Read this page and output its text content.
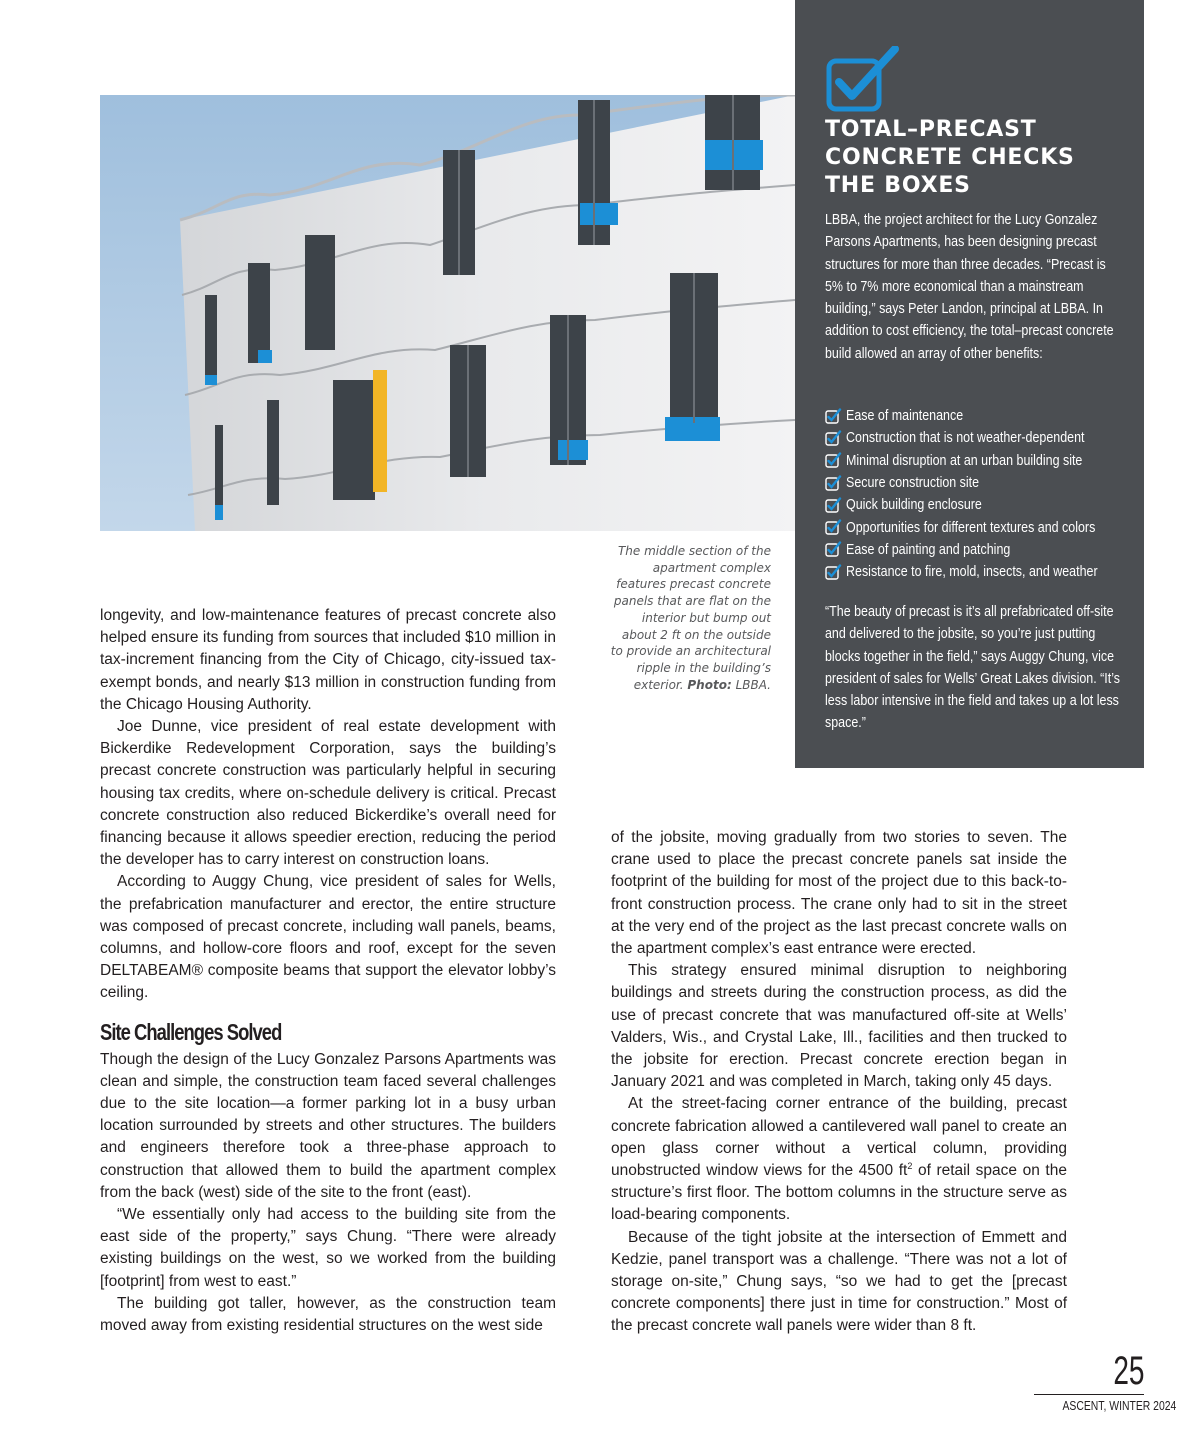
TOTAL–PRECAST CONCRETE CHECKS THE BOXES

LBBA, the project architect for the Lucy Gonzalez Parsons Apartments, has been designing precast structures for more than three decades. “Precast is 5% to 7% more economical than a mainstream building,” says Peter Landon, principal at LBBA. In addition to cost efficiency, the total–precast concrete build allowed an array of other benefits:

Ease of maintenance
Construction that is not weather-dependent
Minimal disruption at an urban building site
Secure construction site
Quick building enclosure
Opportunities for different textures and colors
Ease of painting and patching
Resistance to fire, mold, insects, and weather

“The beauty of precast is it’s all prefabricated off-site and delivered to the jobsite, so you’re just putting blocks together in the field,” says Auggy Chung, vice president of sales for Wells’ Great Lakes division. “It’s less labor intensive in the field and takes up a lot less space.”

The middle section of the apartment complex features precast concrete panels that are flat on the interior but bump out about 2 ft on the outside to provide an architectural ripple in the building’s exterior. Photo: LBBA.

longevity, and low-maintenance features of precast concrete also helped ensure its funding from sources that included $10 million in tax-increment financing from the City of Chicago, city-issued tax-exempt bonds, and nearly $13 million in construction funding from the Chicago Housing Authority.

Joe Dunne, vice president of real estate development with Bickerdike Redevelopment Corporation, says the building’s precast concrete construction was particularly helpful in securing housing tax credits, where on-schedule delivery is critical. Precast concrete construction also reduced Bickerdike’s overall need for financing because it allows speedier erection, reducing the period the developer has to carry interest on construction loans.

According to Auggy Chung, vice president of sales for Wells, the prefabrication manufacturer and erector, the entire structure was composed of precast concrete, including wall panels, beams, columns, and hollow-core floors and roof, except for the seven DELTABEAM® composite beams that support the elevator lobby’s ceiling.

Site Challenges Solved

Though the design of the Lucy Gonzalez Parsons Apartments was clean and simple, the construction team faced several challenges due to the site location—a former parking lot in a busy urban location surrounded by streets and other structures. The builders and engineers therefore took a three-phase approach to construction that allowed them to build the apartment complex from the back (west) side of the site to the front (east).

“We essentially only had access to the building site from the east side of the property,” says Chung. “There were already existing buildings on the west, so we worked from the building [footprint] from west to east.”

The building got taller, however, as the construction team moved away from existing residential structures on the west side

of the jobsite, moving gradually from two stories to seven. The crane used to place the precast concrete panels sat inside the footprint of the building for most of the project due to this back-to-front construction process. The crane only had to sit in the street at the very end of the project as the last precast concrete walls on the apartment complex’s east entrance were erected.

This strategy ensured minimal disruption to neighboring buildings and streets during the construction process, as did the use of precast concrete that was manufactured off-site at Wells’ Valders, Wis., and Crystal Lake, Ill., facilities and then trucked to the jobsite for erection. Precast concrete erection began in January 2021 and was completed in March, taking only 45 days.

At the street-facing corner entrance of the building, precast concrete fabrication allowed a cantilevered wall panel to create an open glass corner without a vertical column, providing unobstructed window views for the 4500 $ft^2$ of retail space on the structure’s first floor. The bottom columns in the structure serve as load-bearing components.

Because of the tight jobsite at the intersection of Emmett and Kedzie, panel transport was a challenge. “There was not a lot of storage on-site,” Chung says, “so we had to get the [precast concrete components] there just in time for construction.” Most of the precast concrete wall panels were wider than 8 ft.

25
ASCENT, WINTER 2024
